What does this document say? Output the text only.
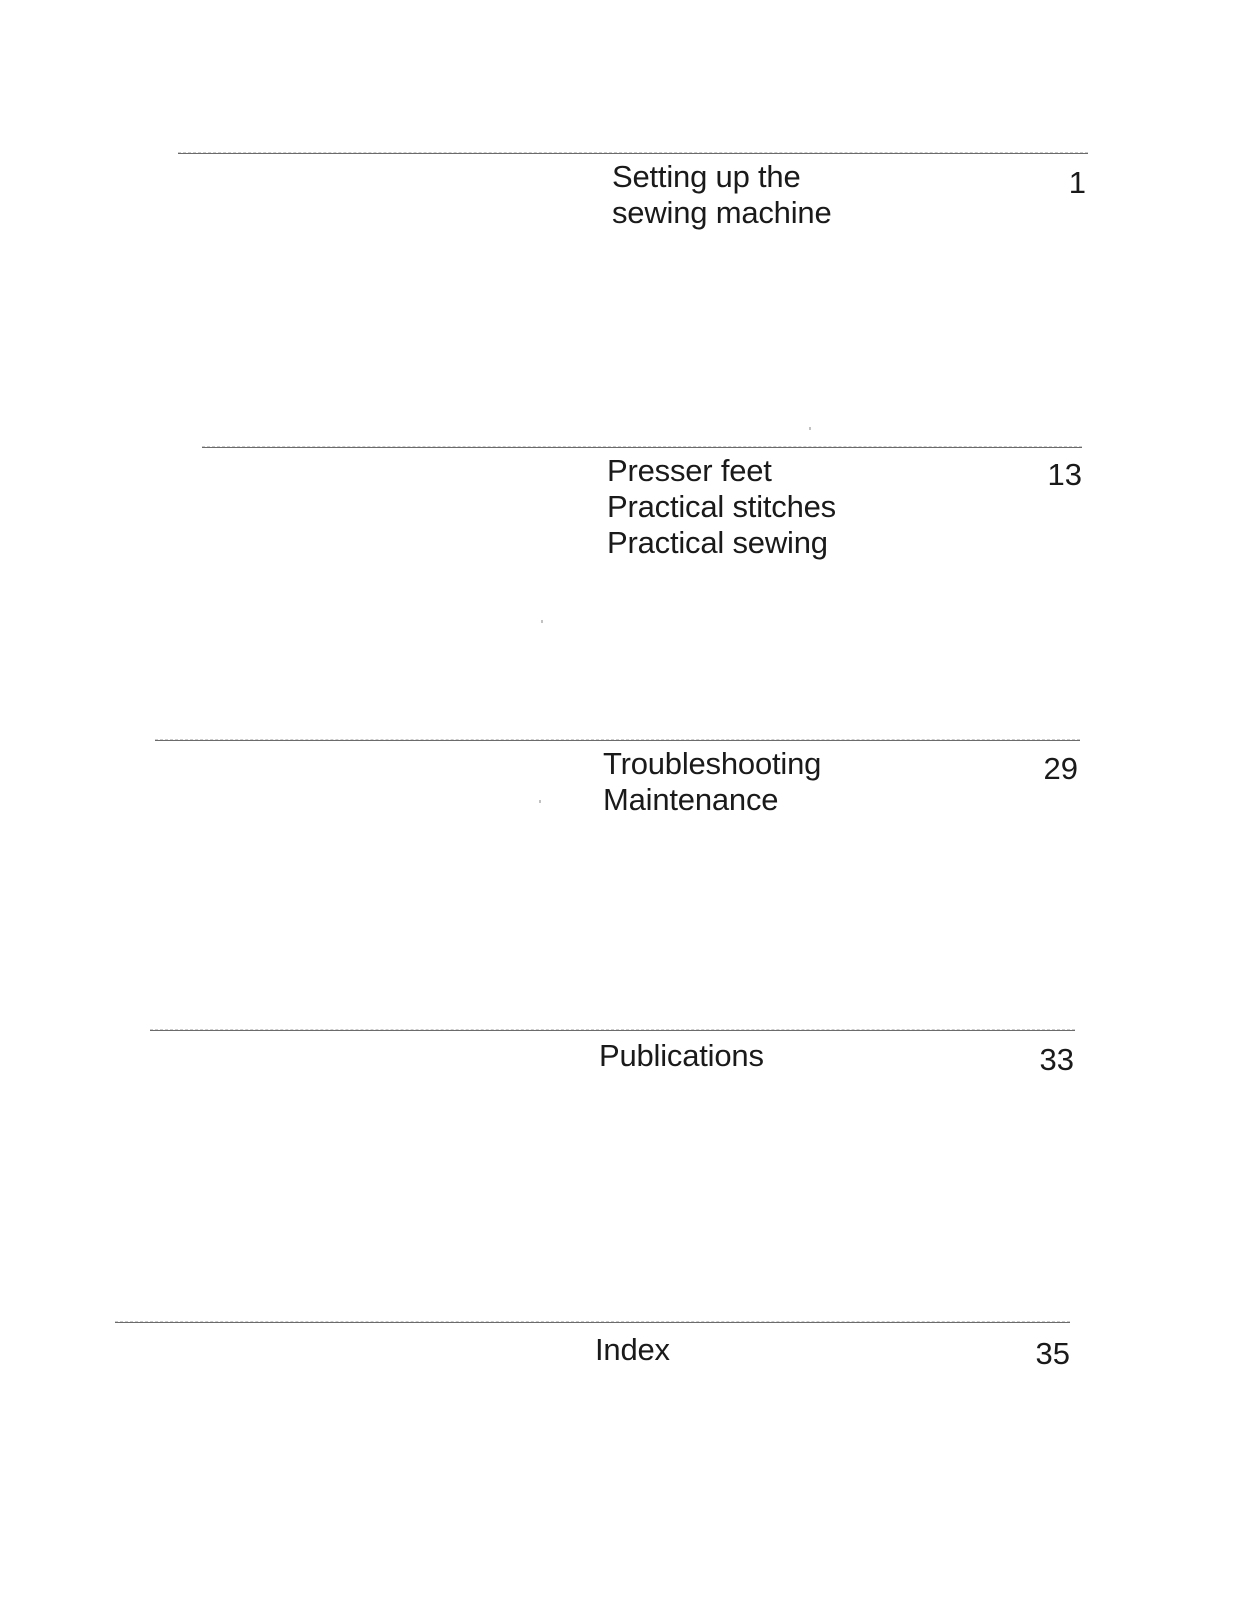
Setting up the
sewing machine
1
Presser feet
Practical stitches
Practical sewing
13
Troubleshooting
Maintenance
29
Publications	33
Index	35
